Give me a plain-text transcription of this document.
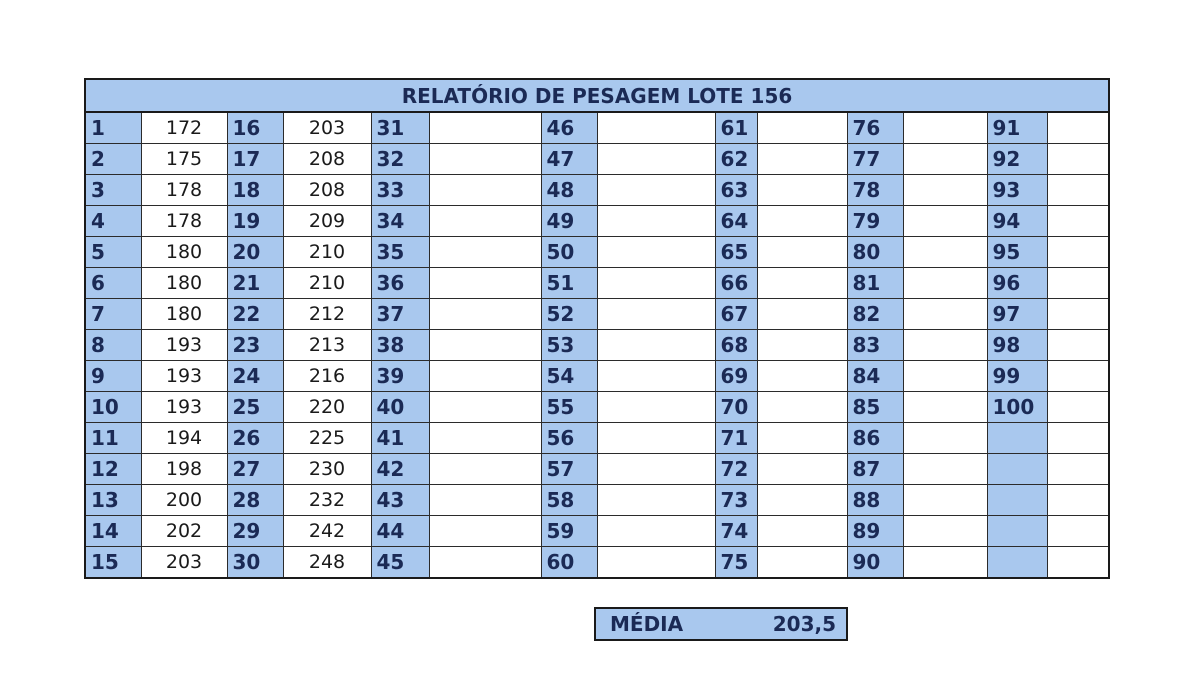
RELATÓRIO DE PESAGEM LOTE 156													
1	172	16	203	31		46		61		76		91	
2	175	17	208	32		47		62		77		92	
3	178	18	208	33		48		63		78		93	
4	178	19	209	34		49		64		79		94	
5	180	20	210	35		50		65		80		95	
6	180	21	210	36		51		66		81		96	
7	180	22	212	37		52		67		82		97	
8	193	23	213	38		53		68		83		98	
9	193	24	216	39		54		69		84		99	
10	193	25	220	40		55		70		85		100	
11	194	26	225	41		56		71		86			
12	198	27	230	42		57		72		87			
13	200	28	232	43		58		73		88			
14	202	29	242	44		59		74		89			
15	203	30	248	45		60		75		90			
MÉDIA	203,5
